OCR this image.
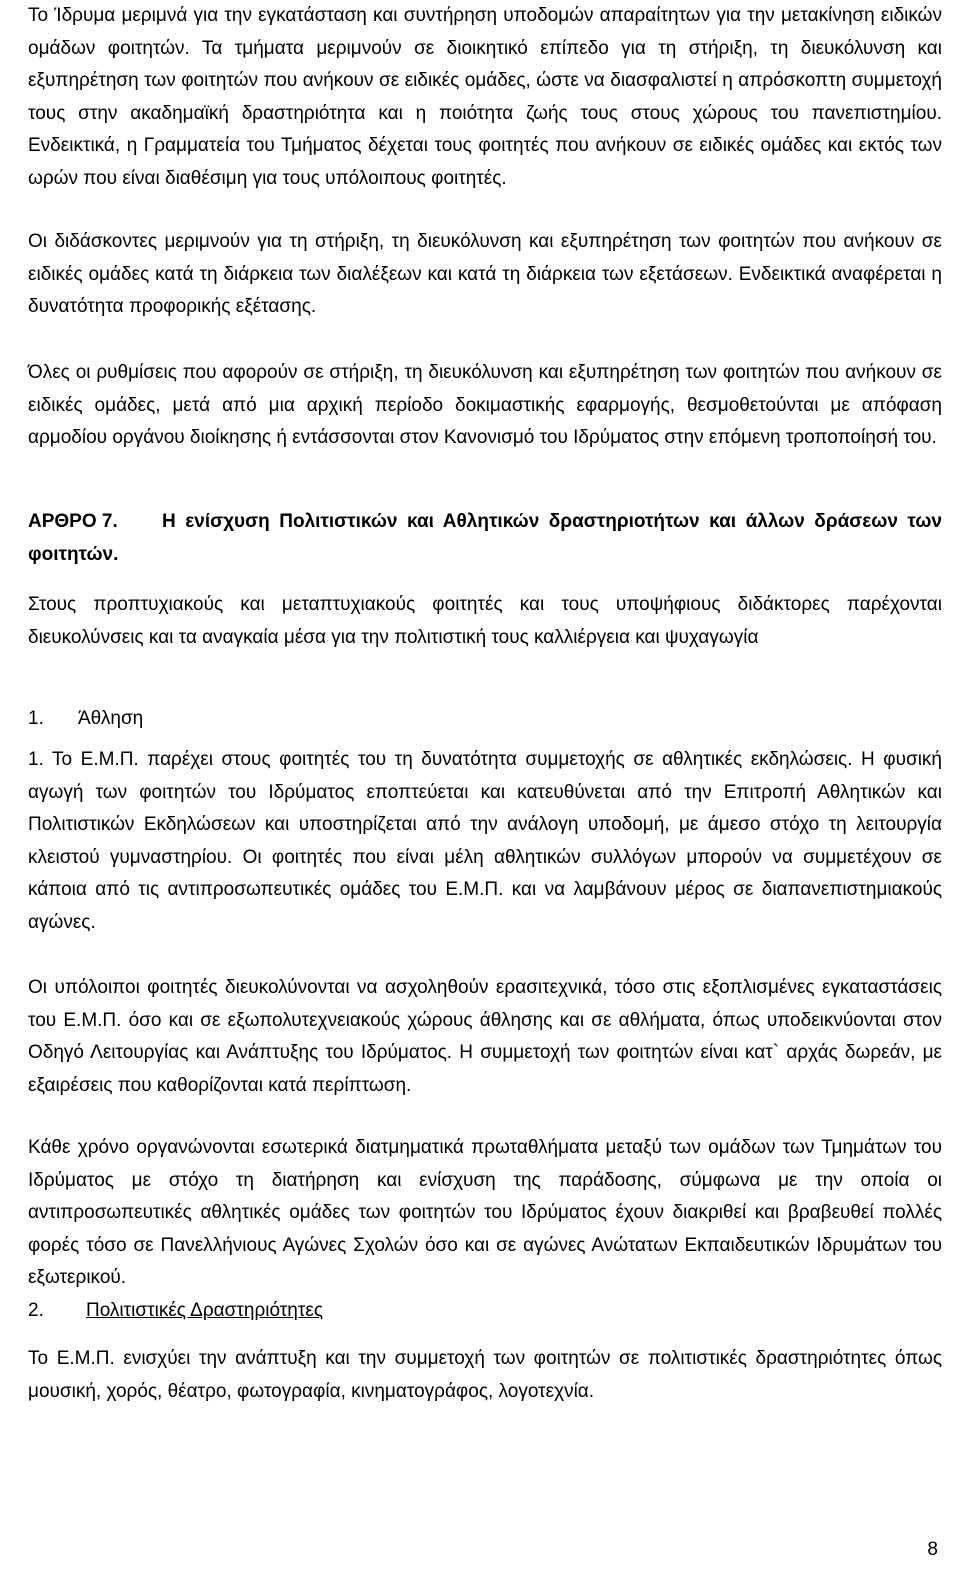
Το Ίδρυμα μεριμνά για την εγκατάσταση και συντήρηση υποδομών απαραίτητων για την μετακίνηση ειδικών ομάδων φοιτητών. Τα τμήματα μεριμνούν σε διοικητικό επίπεδο για τη στήριξη, τη διευκόλυνση και εξυπηρέτηση των φοιτητών που ανήκουν σε ειδικές ομάδες, ώστε να διασφαλιστεί η απρόσκοπτη συμμετοχή τους στην ακαδημαϊκή δραστηριότητα και η ποιότητα ζωής τους στους χώρους του πανεπιστημίου. Ενδεικτικά, η Γραμματεία του Τμήματος δέχεται τους φοιτητές που ανήκουν σε ειδικές ομάδες και εκτός των ωρών που είναι διαθέσιμη για τους υπόλοιπους φοιτητές.

Οι διδάσκοντες μεριμνούν για τη στήριξη, τη διευκόλυνση και εξυπηρέτηση των φοιτητών που ανήκουν σε ειδικές ομάδες κατά τη διάρκεια των διαλέξεων και κατά τη διάρκεια των εξετάσεων. Ενδεικτικά αναφέρεται η δυνατότητα προφορικής εξέτασης.

Όλες οι ρυθμίσεις που αφορούν σε στήριξη, τη διευκόλυνση και εξυπηρέτηση των φοιτητών που ανήκουν σε ειδικές ομάδες, μετά από μια αρχική περίοδο δοκιμαστικής εφαρμογής, θεσμοθετούνται με απόφαση αρμοδίου οργάνου διοίκησης ή εντάσσονται στον Κανονισμό του Ιδρύματος στην επόμενη τροποποίησή του.

ΑΡΘΡΟ 7. Η ενίσχυση Πολιτιστικών και Αθλητικών δραστηριοτήτων και άλλων δράσεων των φοιτητών.

Στους προπτυχιακούς και μεταπτυχιακούς φοιτητές και τους υποψήφιους διδάκτορες παρέχονται διευκολύνσεις και τα αναγκαία μέσα για την πολιτιστική τους καλλιέργεια και ψυχαγωγία

1. Άθληση

1. Το Ε.Μ.Π. παρέχει στους φοιτητές του τη δυνατότητα συμμετοχής σε αθλητικές εκδηλώσεις. Η φυσική αγωγή των φοιτητών του Ιδρύματος εποπτεύεται και κατευθύνεται από την Επιτροπή Αθλητικών και Πολιτιστικών Εκδηλώσεων και υποστηρίζεται από την ανάλογη υποδομή, με άμεσο στόχο τη λειτουργία κλειστού γυμναστηρίου. Οι φοιτητές που είναι μέλη αθλητικών συλλόγων μπορούν να συμμετέχουν σε κάποια από τις αντιπροσωπευτικές ομάδες του Ε.Μ.Π. και να λαμβάνουν μέρος σε διαπανεπιστημιακούς αγώνες.

Οι υπόλοιποι φοιτητές διευκολύνονται να ασχοληθούν ερασιτεχνικά, τόσο στις εξοπλισμένες εγκαταστάσεις του Ε.Μ.Π. όσο και σε εξωπολυτεχνειακούς χώρους άθλησης και σε αθλήματα, όπως υποδεικνύονται στον Οδηγό Λειτουργίας και Ανάπτυξης του Ιδρύματος. Η συμμετοχή των φοιτητών είναι κατ` αρχάς δωρεάν, με εξαιρέσεις που καθορίζονται κατά περίπτωση.

Κάθε χρόνο οργανώνονται εσωτερικά διατμηματικά πρωταθλήματα μεταξύ των ομάδων των Τμημάτων του Ιδρύματος με στόχο τη διατήρηση και ενίσχυση της παράδοσης, σύμφωνα με την οποία οι αντιπροσωπευτικές αθλητικές ομάδες των φοιτητών του Ιδρύματος έχουν διακριθεί και βραβευθεί πολλές φορές τόσο σε Πανελλήνιους Αγώνες Σχολών όσο και σε αγώνες Ανώτατων Εκπαιδευτικών Ιδρυμάτων του εξωτερικού.

2. Πολιτιστικές Δραστηριότητες

Το Ε.Μ.Π. ενισχύει την ανάπτυξη και την συμμετοχή των φοιτητών σε πολιτιστικές δραστηριότητες όπως μουσική, χορός, θέατρο, φωτογραφία, κινηματογράφος, λογοτεχνία.

8
